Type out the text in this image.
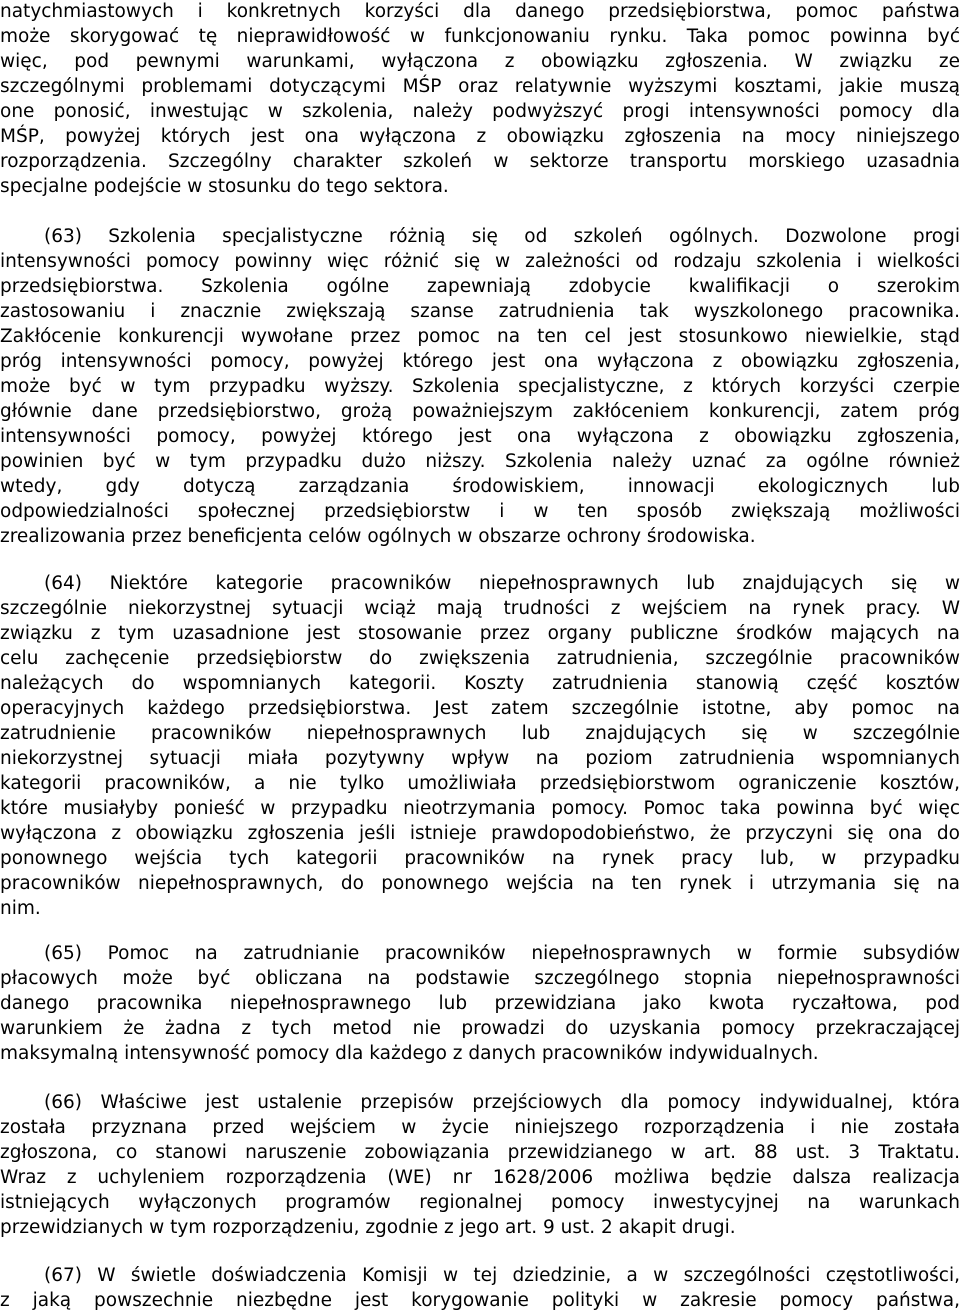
natychmiastowych i konkretnych korzyści dla danego przedsiębiorstwa, pomoc państwa

może skorygować tę nieprawidłowość w funkcjonowaniu rynku. Taka pomoc powinna być

więc, pod pewnymi warunkami, wyłączona z obowiązku zgłoszenia. W związku ze

szczególnymi problemami dotyczącymi MŚP oraz relatywnie wyższymi kosztami, jakie muszą

one ponosić, inwestując w szkolenia, należy podwyższyć progi intensywności pomocy dla

MŚP, powyżej których jest ona wyłączona z obowiązku zgłoszenia na mocy niniejszego

rozporządzenia. Szczególny charakter szkoleń w sektorze transportu morskiego uzasadnia

specjalne podejście w stosunku do tego sektora.

(63) Szkolenia specjalistyczne różnią się od szkoleń ogólnych. Dozwolone progi

intensywności pomocy powinny więc różnić się w zależności od rodzaju szkolenia i wielkości

przedsiębiorstwa. Szkolenia ogólne zapewniają zdobycie kwalifikacji o szerokim

zastosowaniu i znacznie zwiększają szanse zatrudnienia tak wyszkolonego pracownika.

Zakłócenie konkurencji wywołane przez pomoc na ten cel jest stosunkowo niewielkie, stąd

próg intensywności pomocy, powyżej którego jest ona wyłączona z obowiązku zgłoszenia,

może być w tym przypadku wyższy. Szkolenia specjalistyczne, z których korzyści czerpie

głównie dane przedsiębiorstwo, grożą poważniejszym zakłóceniem konkurencji, zatem próg

intensywności pomocy, powyżej którego jest ona wyłączona z obowiązku zgłoszenia,

powinien być w tym przypadku dużo niższy. Szkolenia należy uznać za ogólne również

wtedy, gdy dotyczą zarządzania środowiskiem, innowacji ekologicznych lub

odpowiedzialności społecznej przedsiębiorstw i w ten sposób zwiększają możliwości

zrealizowania przez beneficjenta celów ogólnych w obszarze ochrony środowiska.

(64) Niektóre kategorie pracowników niepełnosprawnych lub znajdujących się w

szczególnie niekorzystnej sytuacji wciąż mają trudności z wejściem na rynek pracy. W

związku z tym uzasadnione jest stosowanie przez organy publiczne środków mających na

celu zachęcenie przedsiębiorstw do zwiększenia zatrudnienia, szczególnie pracowników

należących do wspomnianych kategorii. Koszty zatrudnienia stanowią część kosztów

operacyjnych każdego przedsiębiorstwa. Jest zatem szczególnie istotne, aby pomoc na

zatrudnienie pracowników niepełnosprawnych lub znajdujących się w szczególnie

niekorzystnej sytuacji miała pozytywny wpływ na poziom zatrudnienia wspomnianych

kategorii pracowników, a nie tylko umożliwiała przedsiębiorstwom ograniczenie kosztów,

które musiałyby ponieść w przypadku nieotrzymania pomocy. Pomoc taka powinna być więc

wyłączona z obowiązku zgłoszenia jeśli istnieje prawdopodobieństwo, że przyczyni się ona do

ponownego wejścia tych kategorii pracowników na rynek pracy lub, w przypadku

pracowników niepełnosprawnych, do ponownego wejścia na ten rynek i utrzymania się na

nim.

(65) Pomoc na zatrudnianie pracowników niepełnosprawnych w formie subsydiów

płacowych może być obliczana na podstawie szczególnego stopnia niepełnosprawności

danego pracownika niepełnosprawnego lub przewidziana jako kwota ryczałtowa, pod

warunkiem że żadna z tych metod nie prowadzi do uzyskania pomocy przekraczającej

maksymalną intensywność pomocy dla każdego z danych pracowników indywidualnych.

(66) Właściwe jest ustalenie przepisów przejściowych dla pomocy indywidualnej, która

została przyznana przed wejściem w życie niniejszego rozporządzenia i nie została

zgłoszona, co stanowi naruszenie zobowiązania przewidzianego w art. 88 ust. 3 Traktatu.

Wraz z uchyleniem rozporządzenia (WE) nr 1628/2006 możliwa będzie dalsza realizacja

istniejących wyłączonych programów regionalnej pomocy inwestycyjnej na warunkach

przewidzianych w tym rozporządzeniu, zgodnie z jego art. 9 ust. 2 akapit drugi.

(67) W świetle doświadczenia Komisji w tej dziedzinie, a w szczególności częstotliwości,

z jaką powszechnie niezbędne jest korygowanie polityki w zakresie pomocy państwa,
